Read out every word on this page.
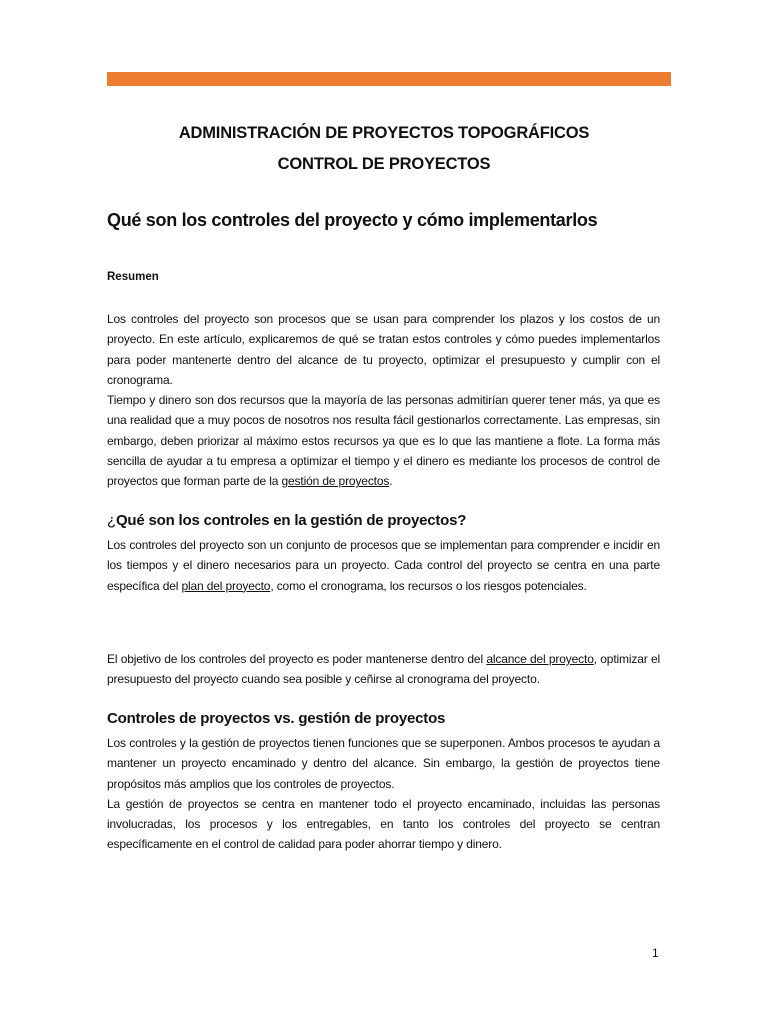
ADMINISTRACIÓN DE PROYECTOS TOPOGRÁFICOS
CONTROL DE PROYECTOS
Qué son los controles del proyecto y cómo implementarlos
Resumen
Los controles del proyecto son procesos que se usan para comprender los plazos y los costos de un proyecto. En este artículo, explicaremos de qué se tratan estos controles y cómo puedes implementarlos para poder mantenerte dentro del alcance de tu proyecto, optimizar el presupuesto y cumplir con el cronograma.
Tiempo y dinero son dos recursos que la mayoría de las personas admitirían querer tener más, ya que es una realidad que a muy pocos de nosotros nos resulta fácil gestionarlos correctamente. Las empresas, sin embargo, deben priorizar al máximo estos recursos ya que es lo que las mantiene a flote. La forma más sencilla de ayudar a tu empresa a optimizar el tiempo y el dinero es mediante los procesos de control de proyectos que forman parte de la gestión de proyectos.
¿Qué son los controles en la gestión de proyectos?
Los controles del proyecto son un conjunto de procesos que se implementan para comprender e incidir en los tiempos y el dinero necesarios para un proyecto. Cada control del proyecto se centra en una parte específica del plan del proyecto, como el cronograma, los recursos o los riesgos potenciales.
El objetivo de los controles del proyecto es poder mantenerse dentro del alcance del proyecto, optimizar el presupuesto del proyecto cuando sea posible y ceñirse al cronograma del proyecto.
Controles de proyectos vs. gestión de proyectos
Los controles y la gestión de proyectos tienen funciones que se superponen. Ambos procesos te ayudan a mantener un proyecto encaminado y dentro del alcance. Sin embargo, la gestión de proyectos tiene propósitos más amplios que los controles de proyectos.
La gestión de proyectos se centra en mantener todo el proyecto encaminado, incluidas las personas involucradas, los procesos y los entregables, en tanto los controles del proyecto se centran específicamente en el control de calidad para poder ahorrar tiempo y dinero.
1
